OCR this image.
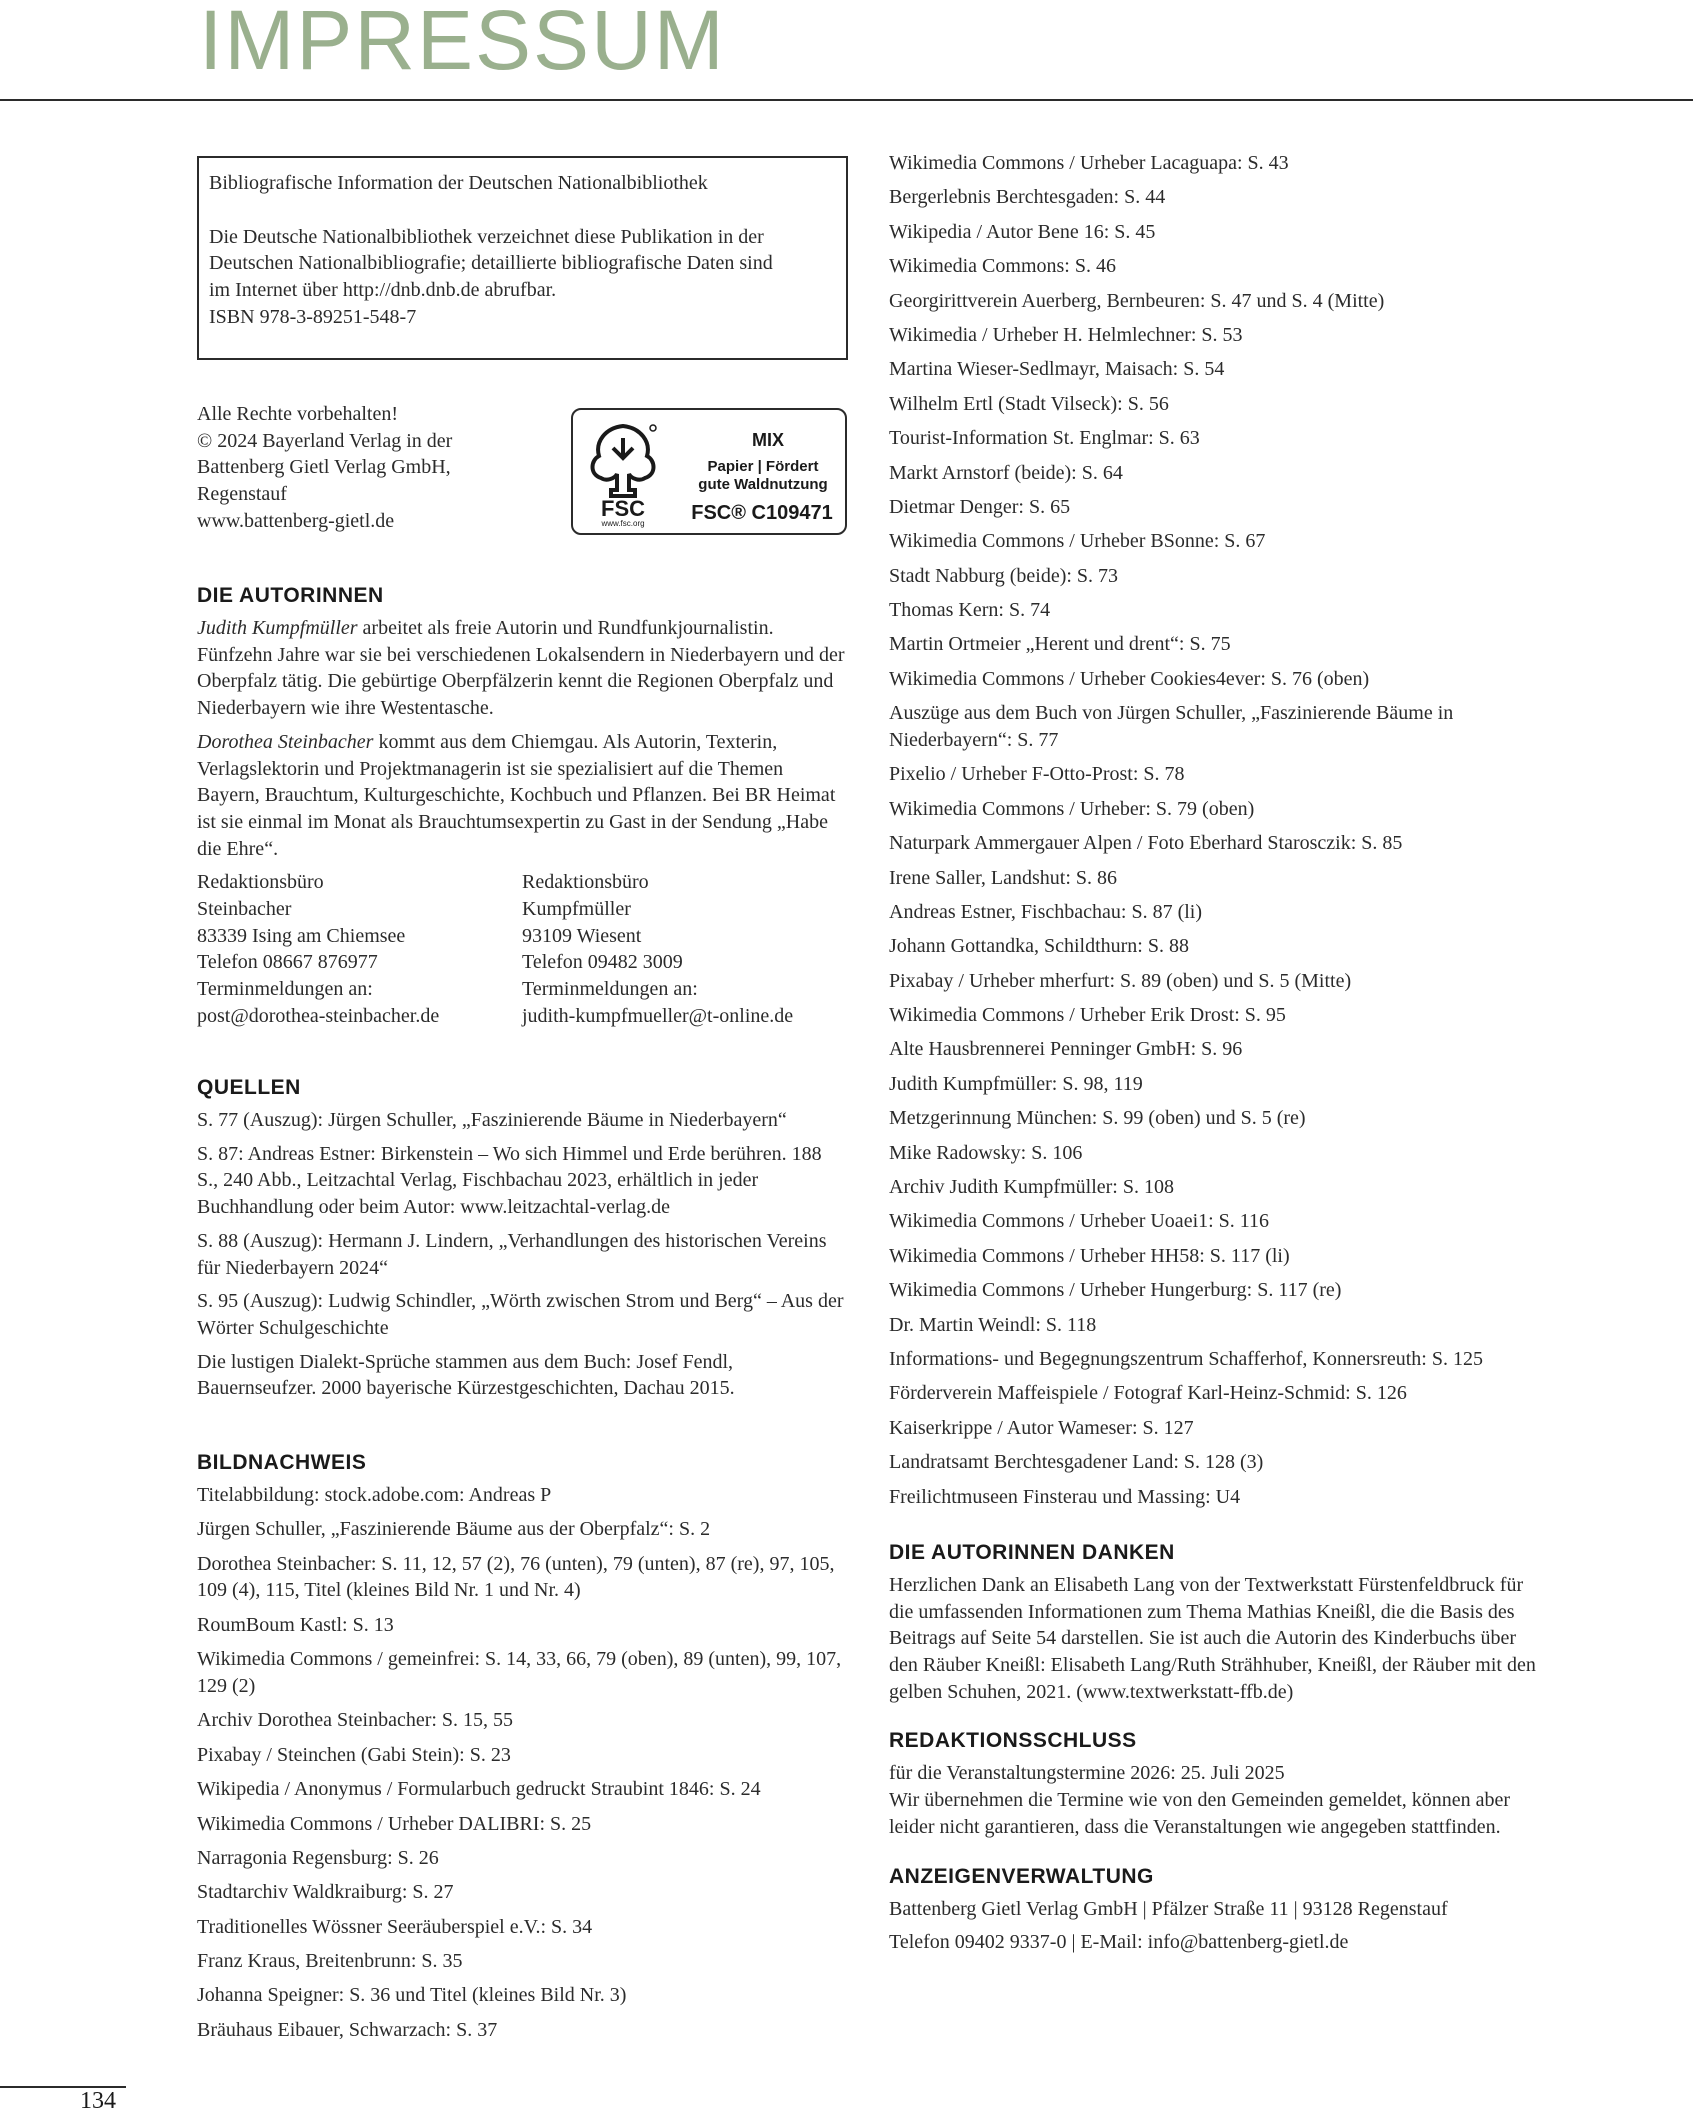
IMPRESSUM

Bibliografische Information der Deutschen Nationalbibliothek

Die Deutsche Nationalbibliothek verzeichnet diese Publikation in der

Deutschen Nationalbibliografie; detaillierte bibliografische Daten sind

im Internet über http://dnb.dnb.de abrufbar.

ISBN 978-3-89251-548-7

Alle Rechte vorbehalten!
© 2024 Bayerland Verlag in der
Battenberg Gietl Verlag GmbH,
Regenstauf
www.battenberg-gietl.de	FSC
www.fsc.org
MIX
Papier | Fördert
gute Waldnutzung
FSC® C109471
DIE AUTORINNEN

Judith Kumpfmüller arbeitet als freie Autorin und Rundfunkjournalistin. Fünfzehn Jahre war sie bei verschiedenen Lokalsendern in Niederbayern und der Oberpfalz tätig. Die gebürtige Oberpfälzerin kennt die Regionen Oberpfalz und Niederbayern wie ihre Westentasche.

Dorothea Steinbacher kommt aus dem Chiemgau. Als Autorin, Texterin, Verlagslektorin und Projektmanagerin ist sie spezialisiert auf die Themen Bayern, Brauchtum, Kulturgeschichte, Kochbuch und Pflanzen. Bei BR Heimat ist sie einmal im Monat als Brauchtumsexpertin zu Gast in der Sendung „Habe die Ehre“.

Redaktionsbüro
Steinbacher
83339 Ising am Chiemsee
Telefon 08667 876977
Terminmeldungen an:
post@dorothea-steinbacher.de
Redaktionsbüro
Kumpfmüller
93109 Wiesent
Telefon 09482 3009
Terminmeldungen an:
judith-kumpfmueller@t-online.de
QUELLEN

S. 77 (Auszug): Jürgen Schuller, „Faszinierende Bäume in Niederbayern“

S. 87: Andreas Estner: Birkenstein – Wo sich Himmel und Erde berühren. 188 S., 240 Abb., Leitzachtal Verlag, Fischbachau 2023, erhältlich in jeder Buchhandlung oder beim Autor: www.leitzachtal-verlag.de

S. 88 (Auszug): Hermann J. Lindern, „Verhandlungen des historischen Vereins für Niederbayern 2024“

S. 95 (Auszug): Ludwig Schindler, „Wörth zwischen Strom und Berg“ – Aus der Wörter Schulgeschichte

Die lustigen Dialekt-Sprüche stammen aus dem Buch: Josef Fendl, Bauernseufzer. 2000 bayerische Kürzestgeschichten, Dachau 2015.

BILDNACHWEIS

Titelabbildung: stock.adobe.com: Andreas P

Jürgen Schuller, „Faszinierende Bäume aus der Oberpfalz“: S. 2

Dorothea Steinbacher: S. 11, 12, 57 (2), 76 (unten), 79 (unten), 87 (re), 97, 105, 109 (4), 115, Titel (kleines Bild Nr. 1 und Nr. 4)

RoumBoum Kastl: S. 13

Wikimedia Commons / gemeinfrei: S. 14, 33, 66, 79 (oben), 89 (unten), 99, 107, 129 (2)

Archiv Dorothea Steinbacher: S. 15, 55

Pixabay / Steinchen (Gabi Stein): S. 23

Wikipedia / Anonymus / Formularbuch gedruckt Straubint 1846: S. 24

Wikimedia Commons / Urheber DALIBRI: S. 25

Narragonia Regensburg: S. 26

Stadtarchiv Waldkraiburg: S. 27

Traditionelles Wössner Seeräuberspiel e.V.: S. 34

Franz Kraus, Breitenbrunn: S. 35

Johanna Speigner: S. 36 und Titel (kleines Bild Nr. 3)

Bräuhaus Eibauer, Schwarzach: S. 37

Wikimedia Commons / Urheber Lacaguapa: S. 43

Bergerlebnis Berchtesgaden: S. 44

Wikipedia / Autor Bene 16: S. 45

Wikimedia Commons: S. 46

Georgirittverein Auerberg, Bernbeuren: S. 47 und S. 4 (Mitte)

Wikimedia / Urheber H. Helmlechner: S. 53

Martina Wieser-Sedlmayr, Maisach: S. 54

Wilhelm Ertl (Stadt Vilseck): S. 56

Tourist-Information St. Englmar: S. 63

Markt Arnstorf (beide): S. 64

Dietmar Denger: S. 65

Wikimedia Commons / Urheber BSonne: S. 67

Stadt Nabburg (beide): S. 73

Thomas Kern: S. 74

Martin Ortmeier „Herent und drent“: S. 75

Wikimedia Commons / Urheber Cookies4ever: S. 76 (oben)

Auszüge aus dem Buch von Jürgen Schuller, „Faszinierende Bäume in Niederbayern“: S. 77

Pixelio / Urheber F-Otto-Prost: S. 78

Wikimedia Commons / Urheber: S. 79 (oben)

Naturpark Ammergauer Alpen / Foto Eberhard Starosczik: S. 85

Irene Saller, Landshut: S. 86

Andreas Estner, Fischbachau: S. 87 (li)

Johann Gottandka, Schildthurn: S. 88

Pixabay / Urheber mherfurt: S. 89 (oben) und S. 5 (Mitte)

Wikimedia Commons / Urheber Erik Drost: S. 95

Alte Hausbrennerei Penninger GmbH: S. 96

Judith Kumpfmüller: S. 98, 119

Metzgerinnung München: S. 99 (oben) und S. 5 (re)

Mike Radowsky: S. 106

Archiv Judith Kumpfmüller: S. 108

Wikimedia Commons / Urheber Uoaei1: S. 116

Wikimedia Commons / Urheber HH58: S. 117 (li)

Wikimedia Commons / Urheber Hungerburg: S. 117 (re)

Dr. Martin Weindl: S. 118

Informations- und Begegnungszentrum Schafferhof, Konnersreuth: S. 125

Förderverein Maffeispiele / Fotograf Karl-Heinz-Schmid: S. 126

Kaiserkrippe / Autor Wameser: S. 127

Landratsamt Berchtesgadener Land: S. 128 (3)

Freilichtmuseen Finsterau und Massing: U4

DIE AUTORINNEN DANKEN

Herzlichen Dank an Elisabeth Lang von der Textwerkstatt Fürstenfeldbruck für die umfassenden Informationen zum Thema Mathias Kneißl, die die Basis des Beitrags auf Seite 54 darstellen. Sie ist auch die Autorin des Kinderbuchs über den Räuber Kneißl: Elisabeth Lang/Ruth Strähhuber, Kneißl, der Räuber mit den gelben Schuhen, 2021. (www.textwerkstatt-ffb.de)

REDAKTIONSSCHLUSS

für die Veranstaltungstermine 2026: 25. Juli 2025

Wir übernehmen die Termine wie von den Gemeinden gemeldet, können aber leider nicht garantieren, dass die Veranstaltungen wie angegeben stattfinden.

ANZEIGENVERWALTUNG

Battenberg Gietl Verlag GmbH | Pfälzer Straße 11 | 93128 Regenstauf

Telefon 09402 9337-0 | E-Mail: info@battenberg-gietl.de

134
